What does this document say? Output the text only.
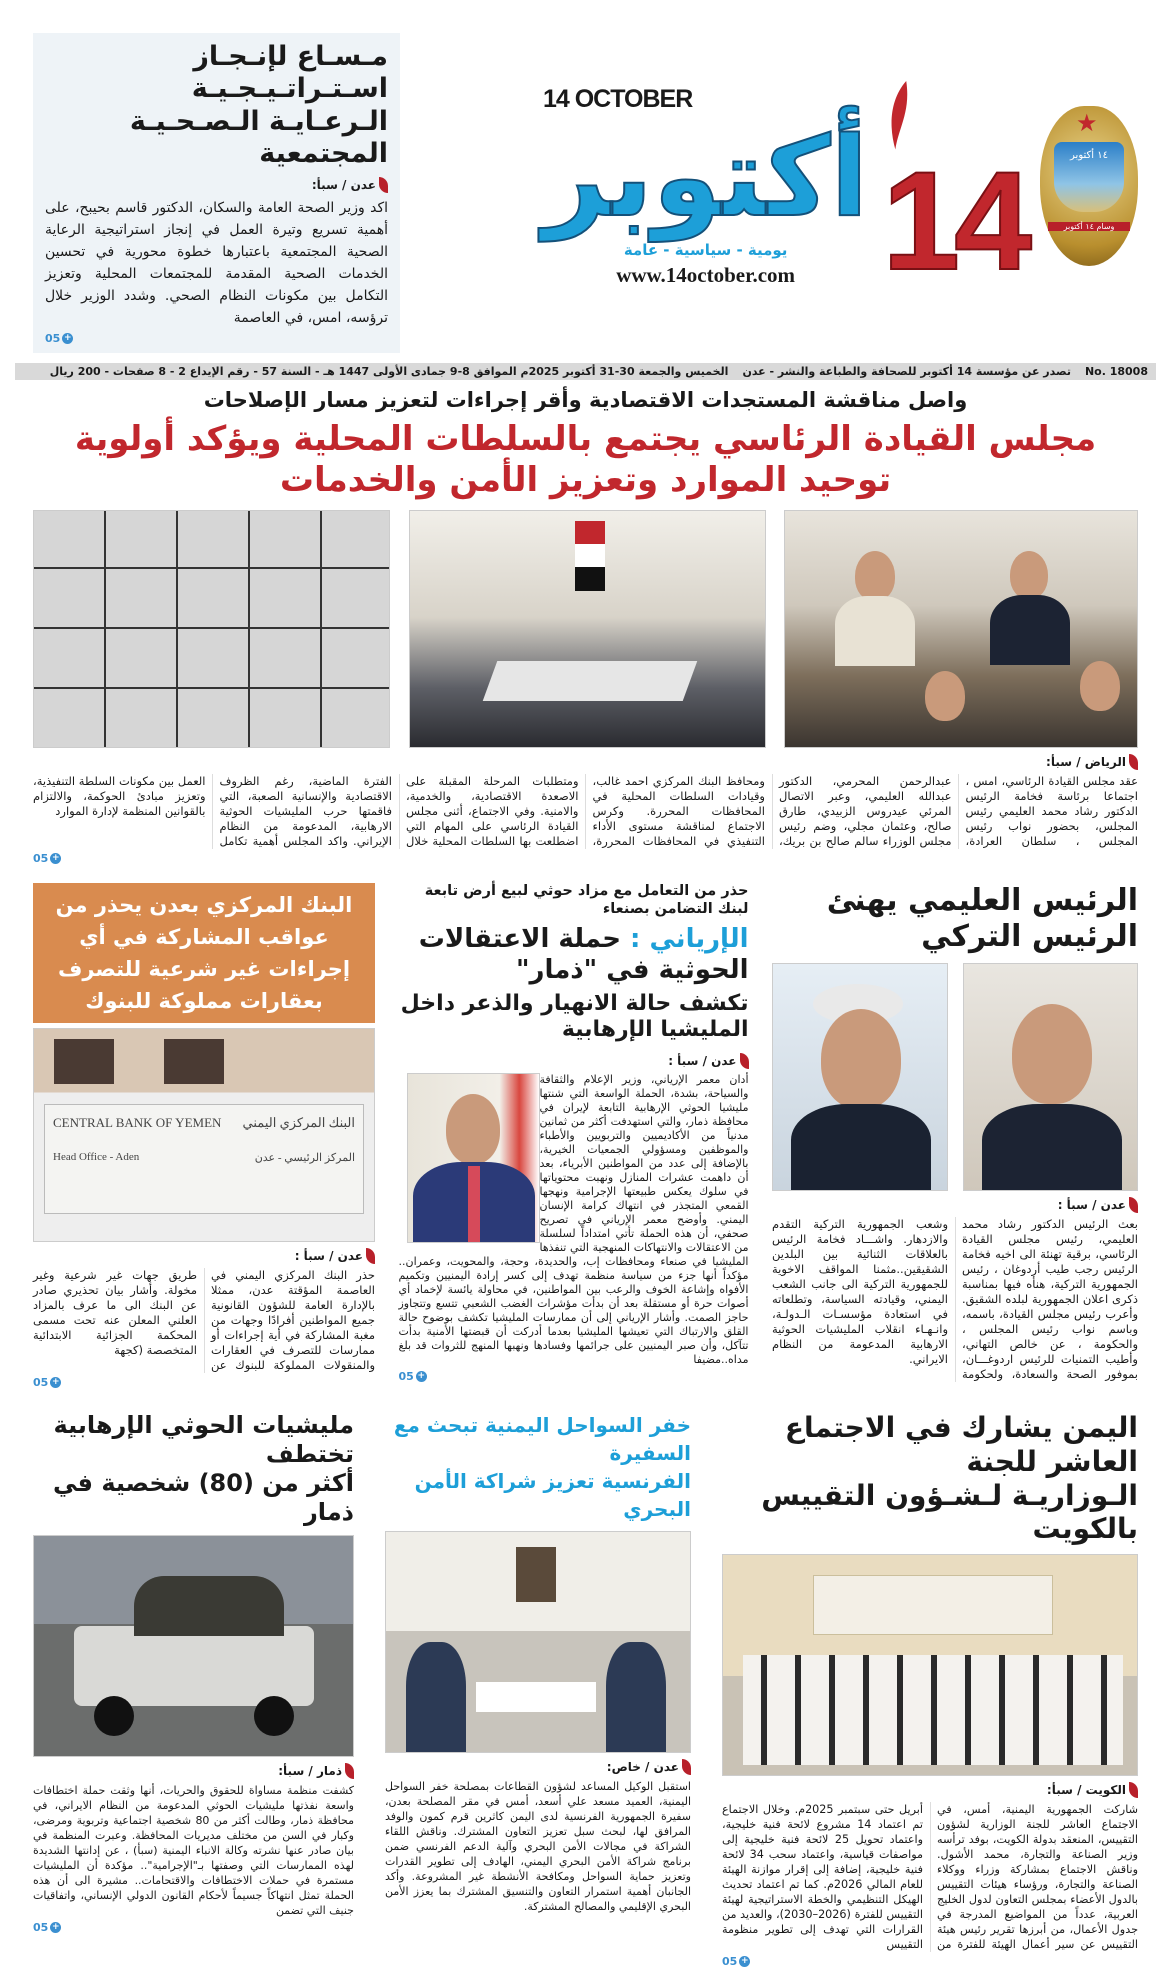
مـسـاع لإنـجـاز اسـتـراتـيـجـيـة
الـرعـايـة الـصـحـيـة المجتمعية
عدن / سبأ:
اكد وزير الصحة العامة والسكان، الدكتور قاسم بحيبح، على أهمية تسريع وتيرة العمل في إنجاز استراتيجية الرعاية الصحية المجتمعية باعتبارها خطوة محورية في تحسين الخدمات الصحية المقدمة للمجتمعات المحلية وتعزيز التكامل بين مكونات النظام الصحي. وشدد الوزير خلال ترؤسه، امس، في العاصمة
05 +
14 OCTOBER
أكتوبر
يومية - سياسية - عامة
www.14october.com 14
★
١٤ أكتوبر
وسام ١٤ أكتوبر
No. 18008
تصدر عن مؤسسة 14 أكتوبر للصحافة والطباعة والنشر - عدن
الخميس والجمعة 30-31 أكتوبر 2025م الموافق 8-9 جمادى الأولى 1447 هـ - السنة 57 - رقم الإيداع 2 - 8 صفحات - 200 ريال
واصل مناقشة المستجدات الاقتصادية وأقر إجراءات لتعزيز مسار الإصلاحات
مجلس القيادة الرئاسي يجتمع بالسلطات المحلية ويؤكد أولوية توحيد الموارد وتعزيز الأمن والخدمات
الرياض / سبأ:
عقد مجلس القيادة الرئاسي، امس ، اجتماعا برئاسة فخامة الرئيس الدكتور رشاد محمد العليمي رئيس المجلس، بحضور نواب رئيس المجلس ، سلطان العرادة، عبدالرحمن المحرمي، الدكتور عبدالله العليمي، وعبر الاتصال المرئي عيدروس الزبيدي، طارق صالح، وعثمان مجلي، وضم رئيس مجلس الوزراء سالم صالح بن بريك، ومحافظ البنك المركزي احمد غالب، وقيادات السلطات المحلية في المحافظات المحررة. وكرس الاجتماع لمناقشة مستوى الأداء التنفيذي في المحافظات المحررة، ومتطلبات المرحلة المقبلة على الاصعدة الاقتصادية، والخدمية، والامنية. وفي الاجتماع، أثنى مجلس القيادة الرئاسي على المهام التي اضطلعت بها السلطات المحلية خلال الفترة الماضية، رغم الظروف الاقتصادية والإنسانية الصعبة، التي فاقمتها حرب المليشيات الحوثية الارهابية، المدعومة من النظام الإيراني. واكد المجلس أهمية تكامل العمل بين مكونات السلطة التنفيذية، وتعزيز مبادئ الحوكمة، والالتزام بالقوانين المنظمة لإدارة الموارد
05 +
البنك المركزي بعدن يحذر من عواقب المشاركة في أي إجراءات غير شرعية للتصرف بعقارات مملوكة للبنوك
CENTRAL BANK OF YEMEN البنك المركزي اليمني
Head Office - Aden	المركز الرئيسي - عدن
عدن / سبأ :
حذر البنك المركزي اليمني في العاصمة المؤقتة عدن، ممثلا بالإدارة العامة للشؤون القانونية جميع المواطنين أفرادًا وجهات من مغبة المشاركة في أية إجراءات أو ممارسات للتصرف في العقارات والمنقولات المملوكة للبنوك عن طريق جهات غير شرعية وغير مخولة. وأشار بيان تحذيري صادر عن البنك الى ما عرف بالمزاد العلني المعلن عنه تحت مسمى المحكمة الجزائية الابتدائية المتخصصة (كجهة
05 +
حذر من التعامل مع مزاد حوثي لبيع أرض تابعة لبنك التضامن بصنعاء
الإرياني : حملة الاعتقالات الحوثية في "ذمار"
تكشف حالة الانهيار والذعر داخل المليشيا الإرهابية
عدن / سبأ :
أدان معمر الإرياني، وزير الإعلام والثقافة والسياحة، بشدة، الحملة الواسعة التي شنتها مليشيا الحوثي الإرهابية التابعة لإيران في محافظة ذمار، والتي استهدفت أكثر من ثمانين مدنياً من الأكاديميين والتربويين والأطباء والموظفين ومسؤولي الجمعيات الخيرية، بالإضافة إلى عدد من المواطنين الأبرياء، بعد أن داهمت عشرات المنازل ونهبت محتوياتها في سلوك يعكس طبيعتها الإجرامية ونهجها القمعي المتجذر في انتهاك كرامة الإنسان اليمني. وأوضح معمر الإرياني في تصريح صحفي، أن هذه الحملة تأتي امتداداً لسلسلة من الاعتقالات والانتهاكات المنهجية التي تنفذها المليشيا في صنعاء ومحافظات إب، والحديدة، وحجة، والمحويت، وعمران.. مؤكداً أنها جزء من سياسة منظمة تهدف إلى كسر إرادة اليمنيين وتكميم الأفواه وإشاعة الخوف والرعب بين المواطنين، في محاولة يائسة لإخماد أي أصوات حرة أو مستقلة بعد أن بدأت مؤشرات الغضب الشعبي تتسع وتتجاوز حاجز الصمت. وأشار الإرياني إلى أن ممارسات المليشيا تكشف بوضوح حالة القلق والارتباك التي تعيشها المليشيا بعدما أدركت أن قبضتها الأمنية بدأت تتآكل، وأن صبر اليمنيين على جرائمها وفسادها ونهبها المنهج للثروات قد بلغ مداه..مضيفا
05 +
الرئيس العليمي يهنئ الرئيس التركي
عدن / سبأ :
بعث الرئيس الدكتور رشاد محمد العليمي، رئيس مجلس القيادة الرئاسي، برقية تهنئة الى اخيه فخامة الرئيس رجب طيب أردوغان ، رئيس الجمهورية التركية، هنأه فيها بمناسبة ذكرى اعلان الجمهورية لبلده الشقيق. وأعرب رئيس مجلس القيادة، باسمه، وباسم نواب رئيس المجلس ، والحكومة ، عن خالص التهاني، وأطيب التمنيات للرئيس اردوغـــان، بموفور الصحة والسعادة، ولحكومة وشعب الجمهورية التركية التقدم والازدهار. واشـــاد فخامة الرئيس بالعلاقات الثنائية بين البلدين الشقيقين..مثمنا المواقف الاخوية للجمهورية التركية الى جانب الشعب اليمني، وقيادته السياسة، وتطلعاته في استعادة مؤسسـات الـدولـة، وانـهـاء انقلاب المليشيات الحوثية الارهابية المدعومة من النظام الايراني.
مليشيات الحوثي الإرهابية تختطف
أكثر من (80) شخصية في ذمار
ذمار / سبأ:
كشفت منظمة مساواة للحقوق والحريات، أنها وثقت حملة اختطافات واسعة نفذتها مليشيات الحوثي المدعومة من النظام الايراني، في محافظة ذمار، وطالت أكثر من 80 شخصية اجتماعية وتربوية ومرضى، وكبار في السن من مختلف مديريات المحافظة. وعبرت المنظمة في بيان صادر عنها نشرته وكالة الانباء اليمنية (سبأ) ، عن إدانتها الشديدة لهذه الممارسات التي وصفتها بـ"الإجرامية".. مؤكدة أن المليشيات مستمرة في حملات الاختطافات والاقتحامات.. مشيرة الى أن هذه الحملة تمثل انتهاكاً جسيماً لأحكام القانون الدولي الإنساني، واتفاقيات جنيف التي تضمن
05 +
خفر السواحل اليمنية تبحث مع السفيرة
الفرنسية تعزيز شراكة الأمن البحري
عدن / خاص:
استقبل الوكيل المساعد لشؤون القطاعات بمصلحة خفر السواحل اليمنية، العميد مسعد علي أسعد، أمس في مقر المصلحة بعدن، سفيرة الجمهورية الفرنسية لدى اليمن كاثرين قرم كمون والوفد المرافق لها، لبحث سبل تعزيز التعاون المشترك. وناقش اللقاء الشراكة في مجالات الأمن البحري وآلية الدعم الفرنسي ضمن برنامج شراكة الأمن البحري اليمني، الهادف إلى تطوير القدرات وتعزيز حماية السواحل ومكافحة الأنشطة غير المشروعة. وأكد الجانبان أهمية استمرار التعاون والتنسيق المشترك بما يعزز الأمن البحري الإقليمي والمصالح المشتركة.
اليمن يشارك في الاجتماع العاشر للجنة
الـوزاريـة لـشـؤون التقييس بالكويت
الكويت / سبأ:
شاركت الجمهورية اليمنية، أمس، في الاجتماع العاشر للجنة الوزارية لشؤون التقييس، المنعقد بدولة الكويت، بوفد ترأسه وزير الصناعة والتجارة، محمد الأشول. وناقش الاجتماع بمشاركة وزراء ووكلاء الصناعة والتجارة، ورؤساء هيئات التقييس بالدول الأعضاء بمجلس التعاون لدول الخليج العربية، عدداً من المواضيع المدرجة في جدول الأعمال، من أبرزها تقرير رئيس هيئة التقييس عن سير أعمال الهيئة للفترة من أبريل حتى سبتمبر 2025م. وخلال الاجتماع تم اعتماد 14 مشروع لائحة فنية خليجية، واعتماد تحويل 25 لائحة فنية خليجية إلى مواصفات قياسية، واعتماد سحب 34 لائحة فنية خليجية، إضافة إلى إقرار موازنة الهيئة للعام المالي 2026م. كما تم اعتماد تحديث الهيكل التنظيمي والخطة الاستراتيجية لهيئة التقييس للفترة (2026–2030)، والعديد من القرارات التي تهدف إلى تطوير منظومة التقييس
05 +
